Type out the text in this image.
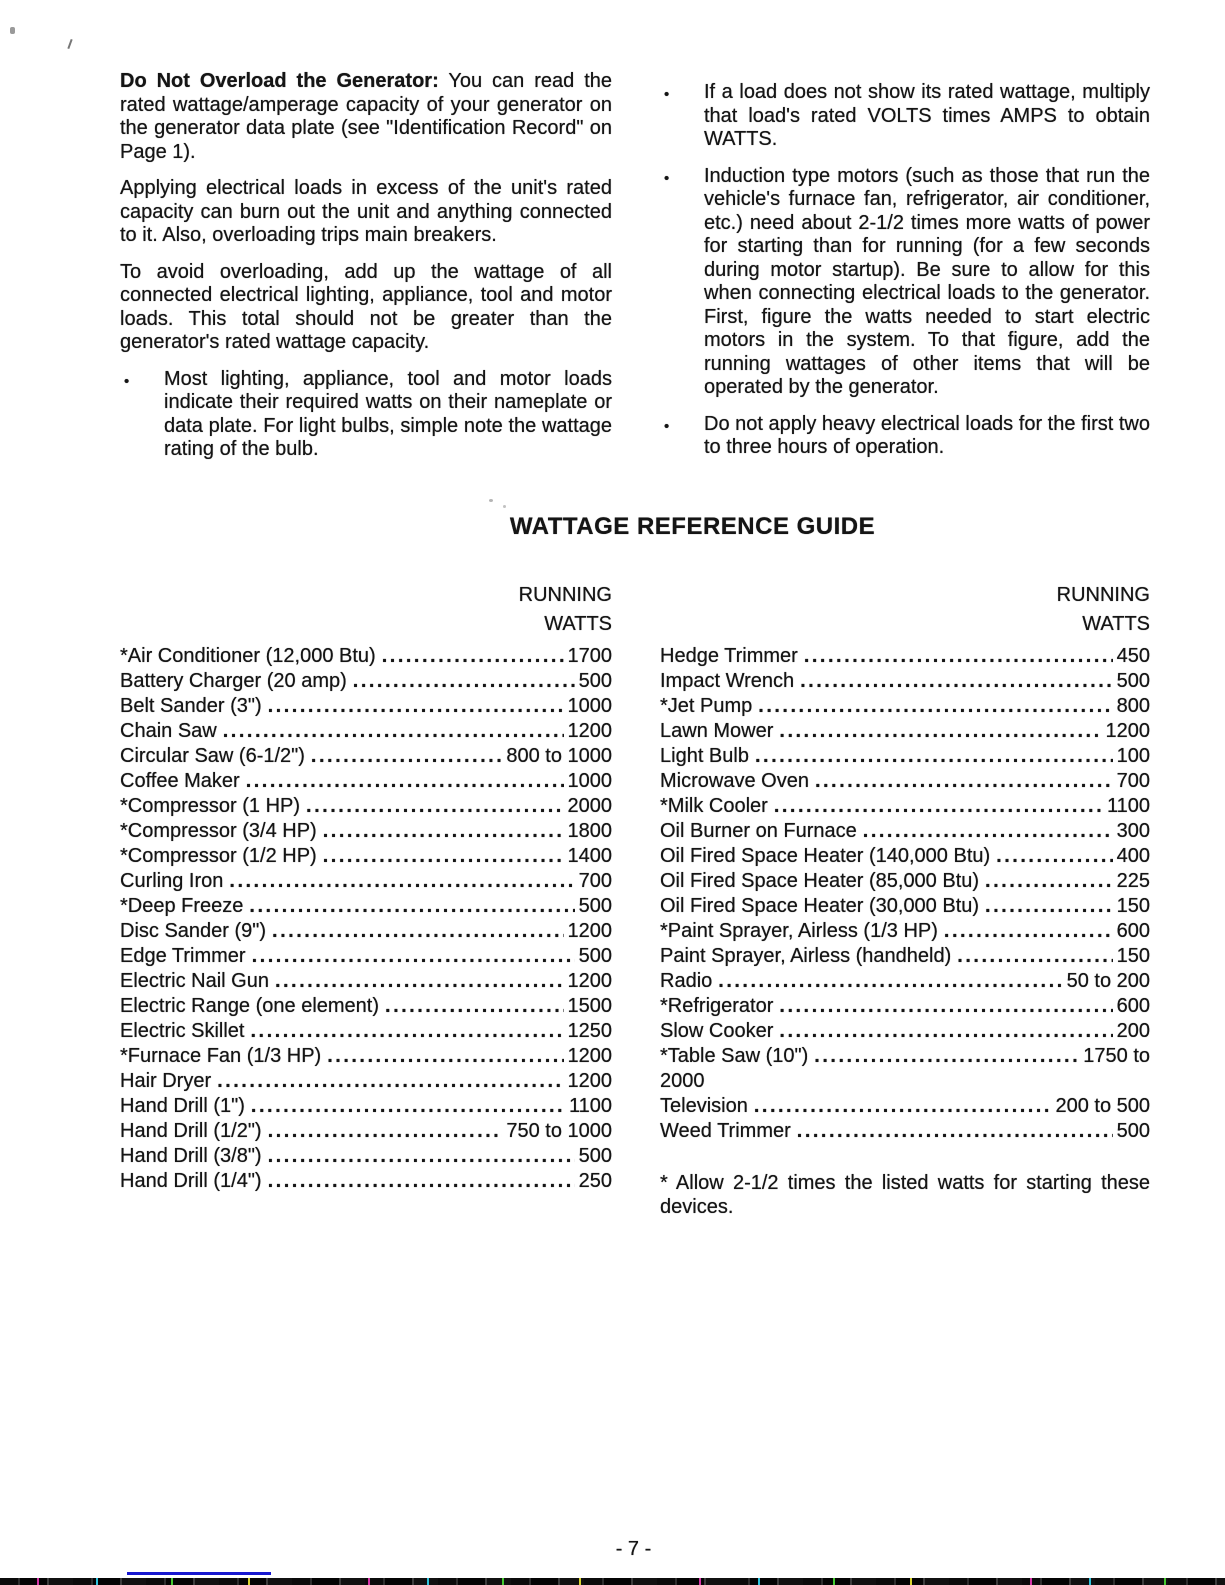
Do Not Overload the Generator: You can read the rated wattage/amperage capacity of your generator on the generator data plate (see "Identification Record" on Page 1).

Applying electrical loads in excess of the unit's rated capacity can burn out the unit and anything connected to it. Also, overloading trips main breakers.

To avoid overloading, add up the wattage of all connected electrical lighting, appliance, tool and motor loads. This total should not be greater than the generator's rated wattage capacity.

•	Most lighting, appliance, tool and motor loads indicate their required watts on their nameplate or data plate. For light bulbs, simple note the wattage rating of the bulb.
•	If a load does not show its rated wattage, multiply that load's rated VOLTS times AMPS to obtain WATTS.
•	Induction type motors (such as those that run the vehicle's furnace fan, refrigerator, air conditioner, etc.) need about 2-1/2 times more watts of power for starting than for running (for a few seconds during motor startup). Be sure to allow for this when connecting electrical loads to the generator. First, figure the watts needed to start electric motors in the system. To that figure, add the running wattages of other items that will be operated by the generator.
•	Do not apply heavy electrical loads for the first two to three hours of operation.
WATTAGE REFERENCE GUIDE
RUNNING
WATTS
*Air Conditioner (12,000 Btu) .....	1700
Battery Charger (20 amp) .....	500
Belt Sander (3") .....	1000
Chain Saw .....	1200
Circular Saw (6-1/2") .....	800 to 1000
Coffee Maker .....	1000
*Compressor (1 HP) .....	2000
*Compressor (3/4 HP) .....	1800
*Compressor (1/2 HP) .....	1400
Curling Iron .....	700
*Deep Freeze .....	500
Disc Sander (9") .....	1200
Edge Trimmer .....	500
Electric Nail Gun .....	1200
Electric Range (one element) .....	1500
Electric Skillet .....	1250
*Furnace Fan (1/3 HP) .....	1200
Hair Dryer .....	1200
Hand Drill (1") .....	1100
Hand Drill (1/2") .....	750 to 1000
Hand Drill (3/8") .....	500
Hand Drill (1/4") .....	250
RUNNING
WATTS
Hedge Trimmer .....	450
Impact Wrench .....	500
*Jet Pump .....	800
Lawn Mower .....	1200
Light Bulb .....	100
Microwave Oven .....	700
*Milk Cooler .....	1100
Oil Burner on Furnace .....	300
Oil Fired Space Heater (140,000 Btu) .....	400
Oil Fired Space Heater (85,000 Btu) .....	225
Oil Fired Space Heater (30,000 Btu) .....	150
*Paint Sprayer, Airless (1/3 HP) .....	600
Paint Sprayer, Airless (handheld) .....	150
Radio .....	50 to 200
*Refrigerator .....	600
Slow Cooker .....	200
*Table Saw (10") .....	1750 to
2000
Television .....	200 to 500
Weed Trimmer .....	500
* Allow 2-1/2 times the listed watts for starting these devices.
- 7 -
